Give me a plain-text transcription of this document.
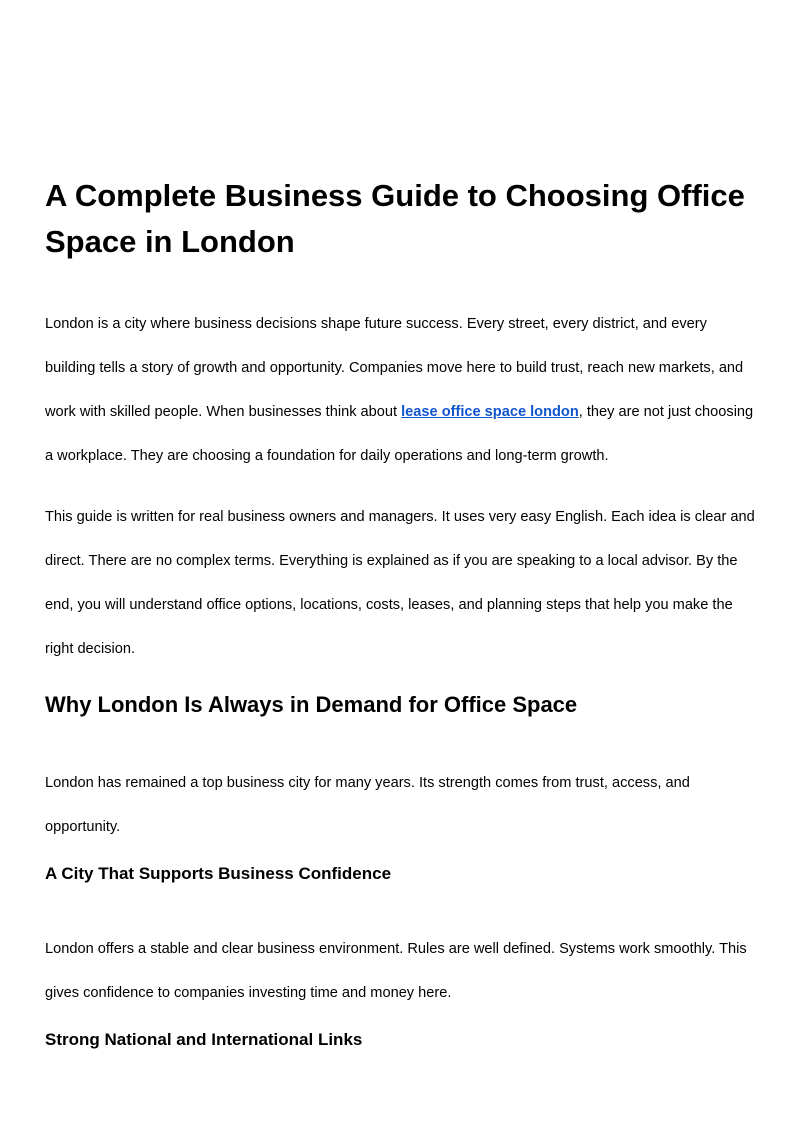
A Complete Business Guide to Choosing Office Space in London

London is a city where business decisions shape future success. Every street, every district, and every
building tells a story of growth and opportunity. Companies move here to build trust, reach new markets, and
work with skilled people. When businesses think about lease office space london, they are not just choosing
a workplace. They are choosing a foundation for daily operations and long-term growth.

This guide is written for real business owners and managers. It uses very easy English. Each idea is clear and
direct. There are no complex terms. Everything is explained as if you are speaking to a local advisor. By the
end, you will understand office options, locations, costs, leases, and planning steps that help you make the
right decision.

Why London Is Always in Demand for Office Space

London has remained a top business city for many years. Its strength comes from trust, access, and
opportunity.

A City That Supports Business Confidence

London offers a stable and clear business environment. Rules are well defined. Systems work smoothly. This
gives confidence to companies investing time and money here.

Strong National and International Links
